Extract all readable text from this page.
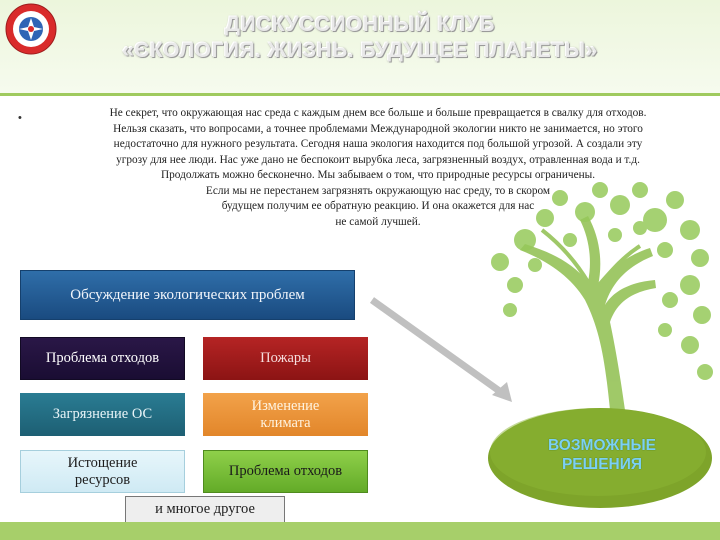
ДИСКУССИОННЫЙ КЛУБ
«ЄКОЛОГИЯ. ЖИЗНЬ. БУДУЩЕЕ ПЛАНЕТЫ»
•	Не секрет, что окружающая нас среда с каждым днем все больше и больше превращается в свалку для отходов.
Нельзя сказать, что вопросами, а точнее проблемами Международной экологии никто не занимается, но этого
недостаточно для нужного результата. Сегодня наша экология находится под большой угрозой. А создали эту
угрозу для нее люди. Нас уже дано не беспокоит вырубка леса, загрязненный воздух, отравленная вода и т.д.
Продолжать можно бесконечно. Мы забываем о том, что природные ресурсы ограничены.
Если мы не перестанем загрязнять окружающую нас среду, то в скором
будущем получим ее обратную реакцию. И она окажется для нас
не самой лучшей.
Обсуждение экологических проблем
Проблема отходов	Пожары
Загрязнение ОС
Изменение климата
Истощение ресурсов
Проблема отходов
и многое другое
ВОЗМОЖНЫЕ РЕШЕНИЯ
